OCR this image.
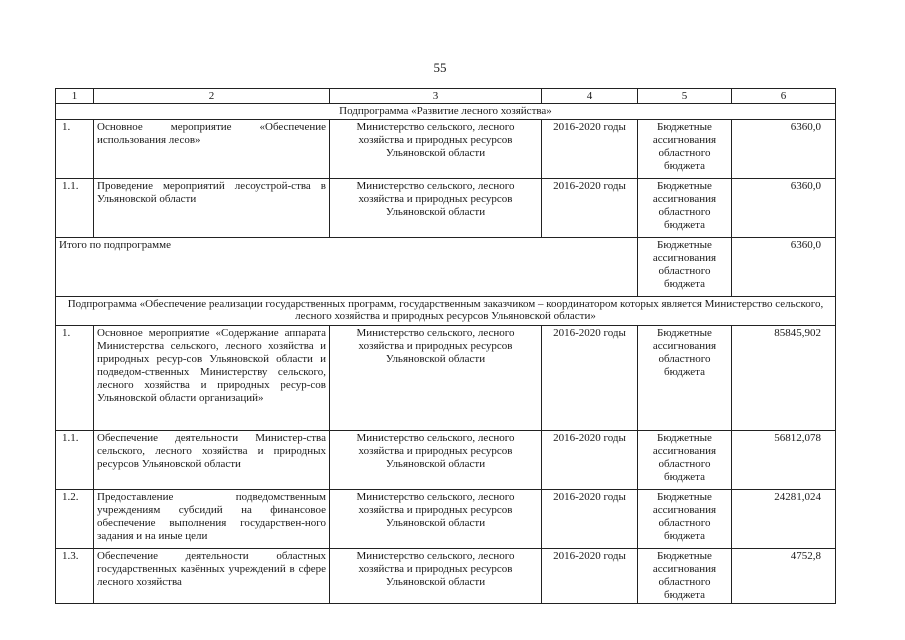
55
1	2	3	4	5	6
Подпрограмма «Развитие лесного хозяйства»					
1.	Основное мероприятие «Обеспечение использования лесов»	Министерство сельского, лесного хозяйства и природных ресурсов Ульяновской области	2016-2020 годы	Бюджетные ассигнования областного бюджета	6360,0
1.1.	Проведение мероприятий лесоустрой-ства в Ульяновской области	Министерство сельского, лесного хозяйства и природных ресурсов Ульяновской области	2016-2020 годы	Бюджетные ассигнования областного бюджета	6360,0
Итого по подпрограмме				Бюджетные ассигнования областного бюджета	6360,0
Подпрограмма «Обеспечение реализации государственных программ, государственным заказчиком – координатором которых является Министерство сельского, лесного хозяйства и природных ресурсов Ульяновской области»					
1.	Основное мероприятие «Содержание аппарата Министерства сельского, лесного хозяйства и природных ресур-сов Ульяновской области и подведом-ственных Министерству сельского, лесного хозяйства и природных ресур-сов Ульяновской области организаций»	Министерство сельского, лесного хозяйства и природных ресурсов Ульяновской области	2016-2020 годы	Бюджетные ассигнования областного бюджета	85845,902
1.1.	Обеспечение деятельности Министер-ства сельского, лесного хозяйства и природных ресурсов Ульяновской области	Министерство сельского, лесного хозяйства и природных ресурсов Ульяновской области	2016-2020 годы	Бюджетные ассигнования областного бюджета	56812,078
1.2.	Предоставление подведомственным учреждениям субсидий на финансовое обеспечение выполнения государствен-ного задания и на иные цели	Министерство сельского, лесного хозяйства и природных ресурсов Ульяновской области	2016-2020 годы	Бюджетные ассигнования областного бюджета	24281,024
1.3.	Обеспечение деятельности областных государственных казённых учреждений в сфере лесного хозяйства	Министерство сельского, лесного хозяйства и природных ресурсов Ульяновской области	2016-2020 годы	Бюджетные ассигнования областного бюджета	4752,8
